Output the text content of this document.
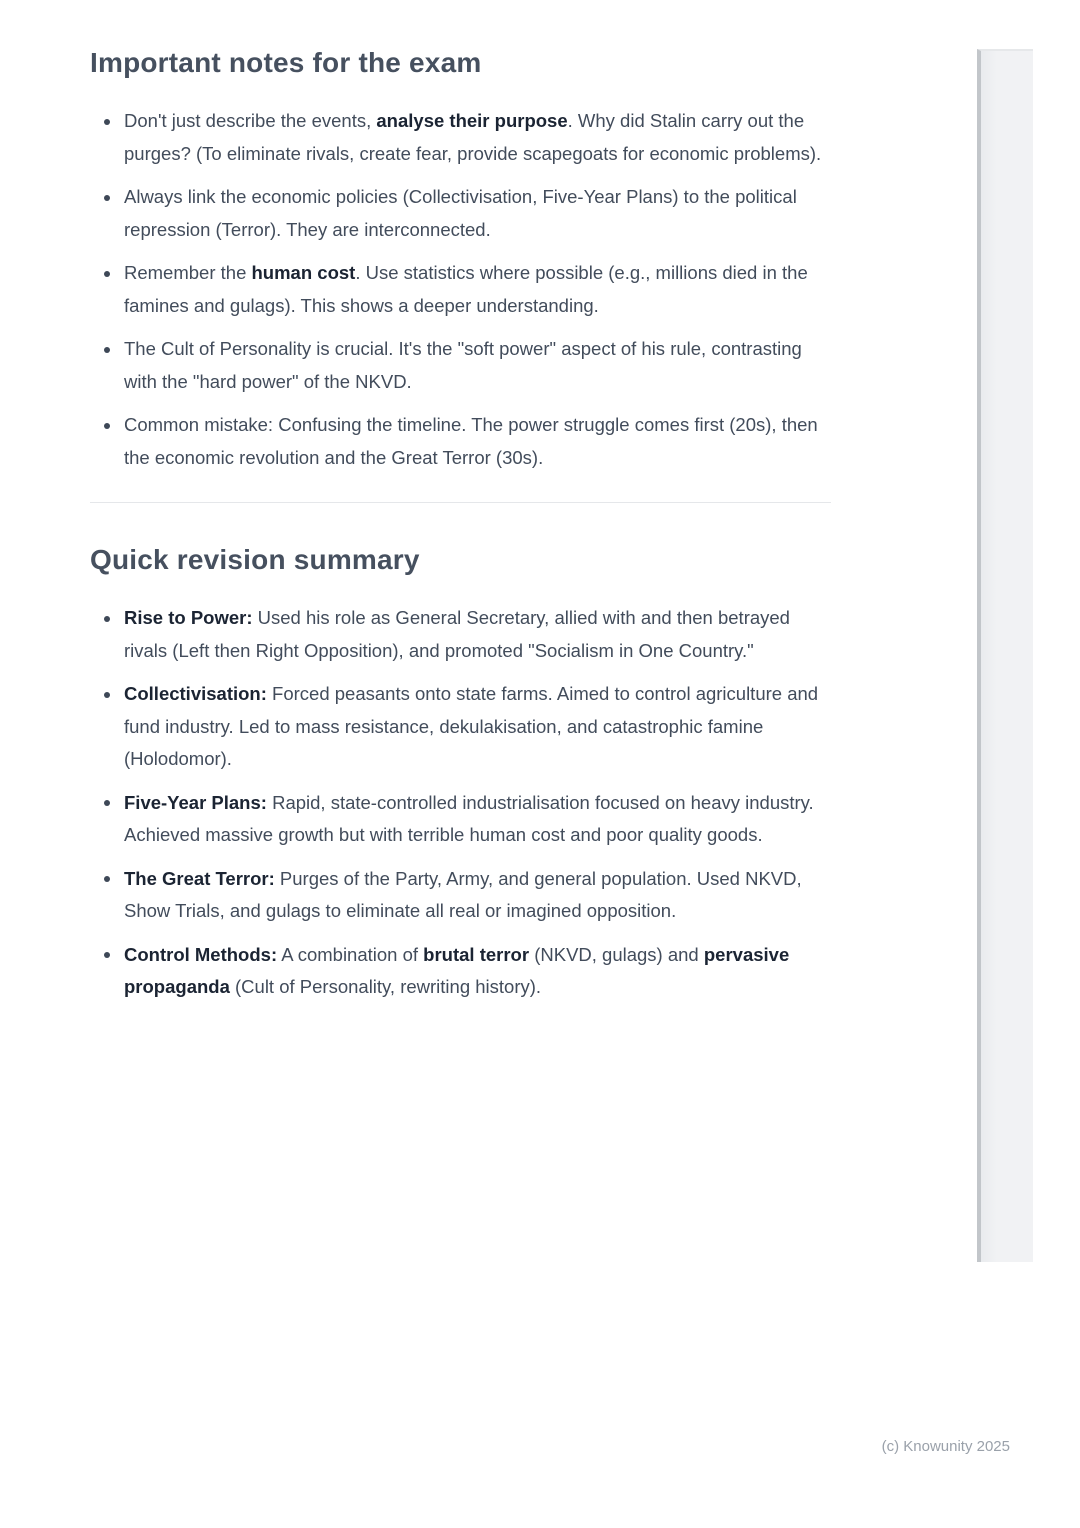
Important notes for the exam
Don't just describe the events, analyse their purpose. Why did Stalin carry out the purges? (To eliminate rivals, create fear, provide scapegoats for economic problems).
Always link the economic policies (Collectivisation, Five-Year Plans) to the political repression (Terror). They are interconnected.
Remember the human cost. Use statistics where possible (e.g., millions died in the famines and gulags). This shows a deeper understanding.
The Cult of Personality is crucial. It's the "soft power" aspect of his rule, contrasting with the "hard power" of the NKVD.
Common mistake: Confusing the timeline. The power struggle comes first (20s), then the economic revolution and the Great Terror (30s).
Quick revision summary
Rise to Power: Used his role as General Secretary, allied with and then betrayed rivals (Left then Right Opposition), and promoted "Socialism in One Country."
Collectivisation: Forced peasants onto state farms. Aimed to control agriculture and fund industry. Led to mass resistance, dekulakisation, and catastrophic famine (Holodomor).
Five-Year Plans: Rapid, state-controlled industrialisation focused on heavy industry. Achieved massive growth but with terrible human cost and poor quality goods.
The Great Terror: Purges of the Party, Army, and general population. Used NKVD, Show Trials, and gulags to eliminate all real or imagined opposition.
Control Methods: A combination of brutal terror (NKVD, gulags) and pervasive propaganda (Cult of Personality, rewriting history).
(c) Knowunity 2025
